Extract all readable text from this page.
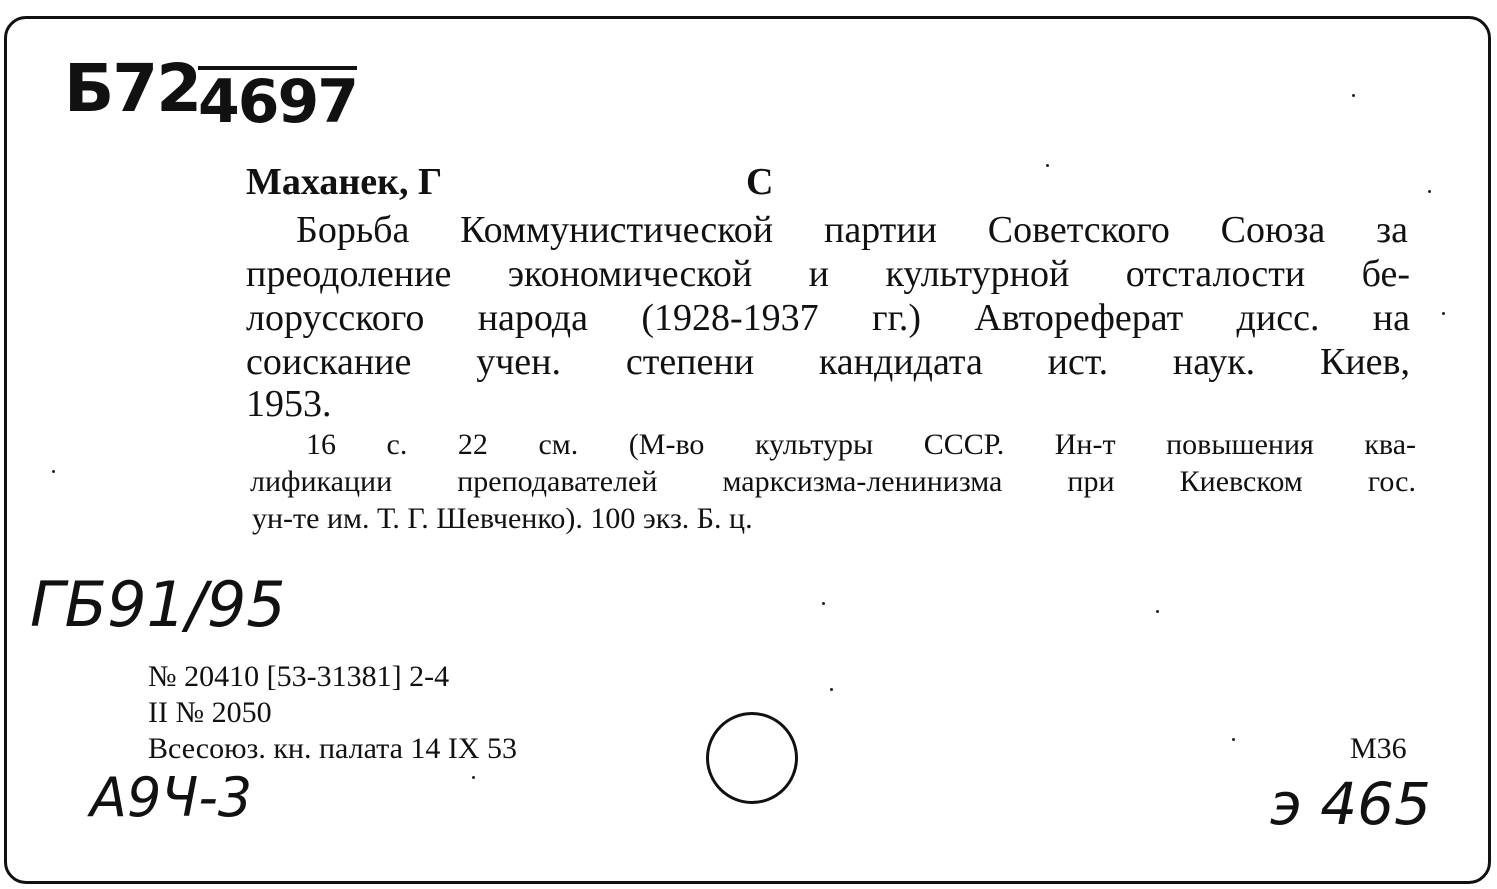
Б72
4697
Маханек, Г	С
Борьба Коммунистической партии Советского Союза за
преодоление экономической и культурной отсталости бе-
лорусского народа (1928-1937 гг.) Автореферат дисс. на
соискание учен. степени кандидата ист. наук. Киев,
1953.
16 с. 22 см. (М-во культуры СССР. Ин-т повышения ква-
лификации преподавателей марксизма-ленинизма при Киевском гос.
ун-те им. Т. Г. Шевченко). 100 экз. Б. ц.
ГБ91/95
№ 20410 [53-31381] 2-4
II № 2050
Всесоюз. кн. палата 14 IX 53	М36
А9Ч-3	э 465
